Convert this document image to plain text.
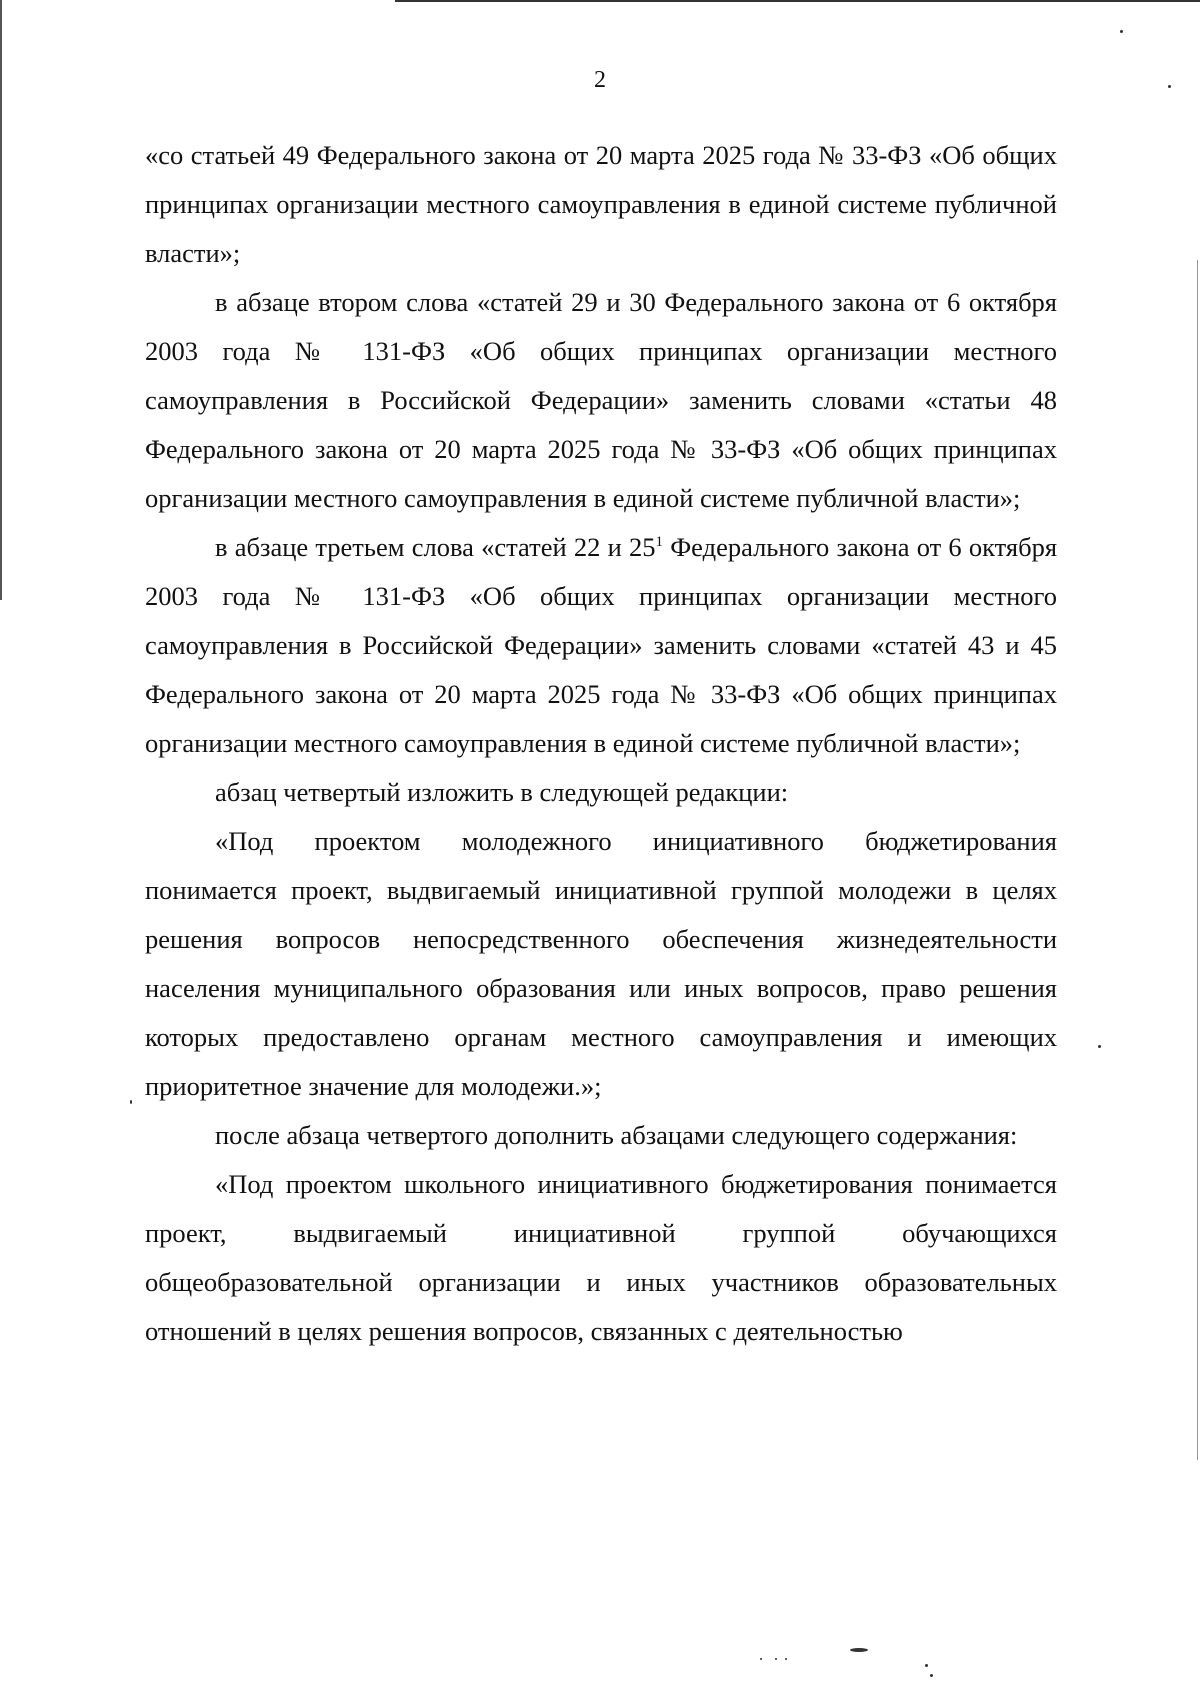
2

«со статьей 49 Федерального закона от 20 марта 2025 года № 33-ФЗ «Об общих принципах организации местного самоуправления в единой системе публичной власти»;

в абзаце втором слова «статей 29 и 30 Федерального закона от 6 октября 2003 года № 131-ФЗ «Об общих принципах организации местного самоуправления в Российской Федерации» заменить словами «статьи 48 Федерального закона от 20 марта 2025 года № 33-ФЗ «Об общих принципах организации местного самоуправления в единой системе публичной власти»;

в абзаце третьем слова «статей 22 и $25^1$ Федерального закона от 6 октября 2003 года № 131-ФЗ «Об общих принципах организации местного самоуправления в Российской Федерации» заменить словами «статей 43 и 45 Федерального закона от 20 марта 2025 года № 33-ФЗ «Об общих принципах организации местного самоуправления в единой системе публичной власти»;

абзац четвертый изложить в следующей редакции:

«Под проектом молодежного инициативного бюджетирования понимается проект, выдвигаемый инициативной группой молодежи в целях решения вопросов непосредственного обеспечения жизнедеятельности населения муниципального образования или иных вопросов, право решения которых предоставлено органам местного самоуправления и имеющих приоритетное значение для молодежи.»;

после абзаца четвертого дополнить абзацами следующего содержания:

«Под проектом школьного инициативного бюджетирования понимается проект, выдвигаемый инициативной группой обучающихся общеобразовательной организации и иных участников образовательных отношений в целях решения вопросов, связанных с деятельностью
